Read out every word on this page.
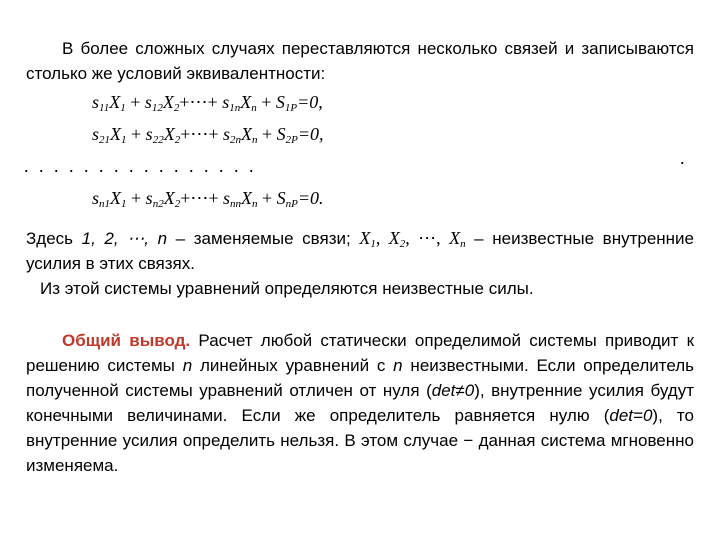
В более сложных случаях переставляются несколько связей и записываются столько же условий эквивалентности:

$s_{11}X_1$ + $s_{12}X_2+\cdots+ s_{1n}X_n + S_{1P}=0$,
$s_{21}X_1$ + $s_{22}X_2+\cdots+ s_{2n}X_n + S_{2P}=0$,
.
................
$s_{n1}X_1$ + $s_{n2}X_2+\cdots+ s_{nn}X_n + S_{nP}=0$.

Здесь 1, 2, ⋯, n – заменяемые связи; $X_1$, $X_2$, ⋯, $X_n$ – неизвестные внутренние усилия в этих связях.

Из этой системы уравнений определяются неизвестные силы.

Общий вывод. Расчет любой статически определимой системы приводит к решению системы n линейных уравнений с n неизвестными. Если определитель полученной системы уравнений отличен от нуля (det≠0), внутренние усилия будут конечными величинами. Если же определитель равняется нулю (det=0), то внутренние усилия определить нельзя. В этом случае − данная система мгновенно изменяема.
